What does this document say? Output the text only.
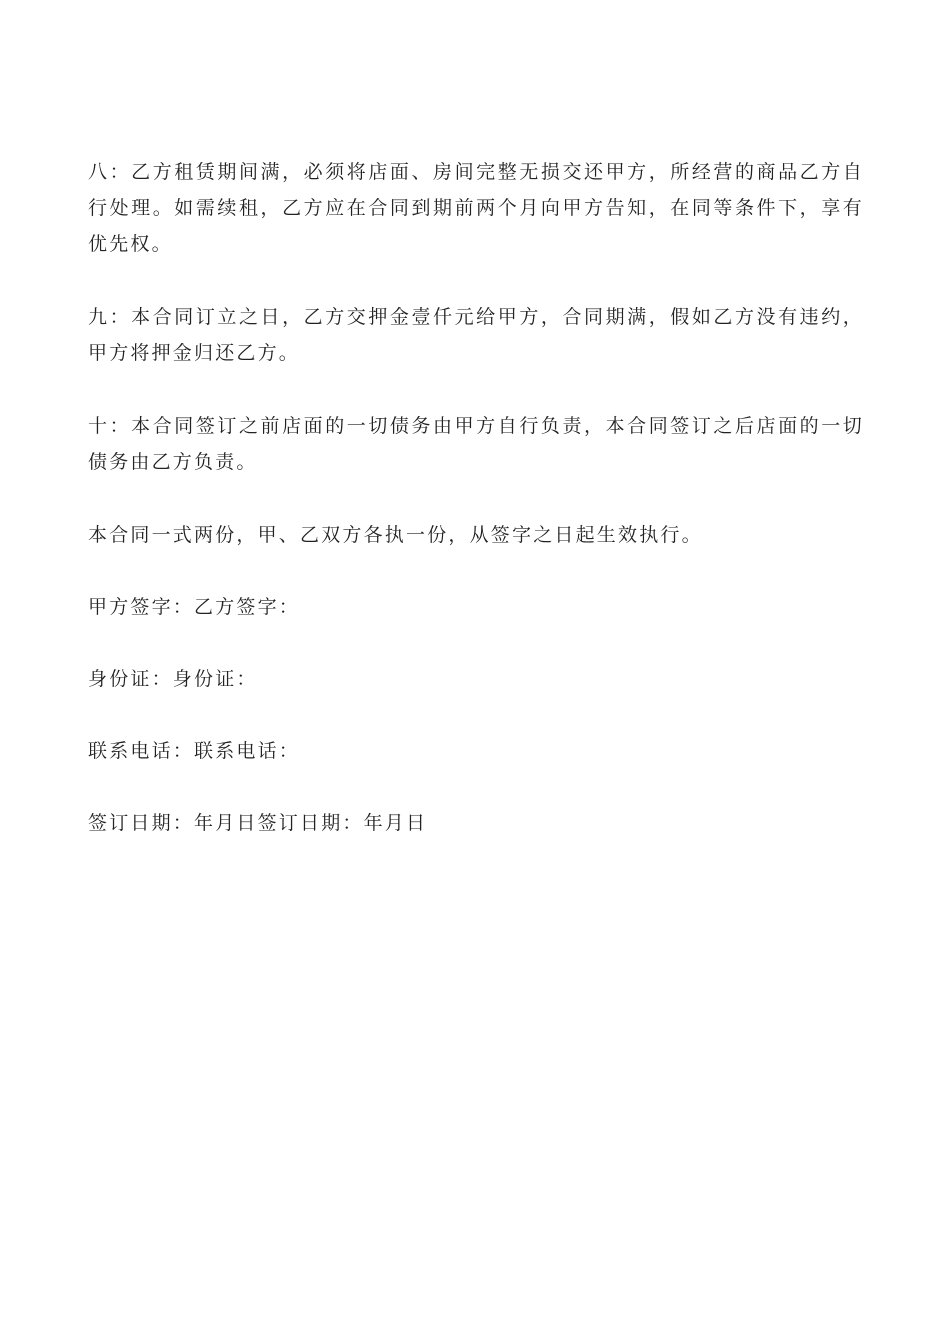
八：乙方租赁期间满，必须将店面、房间完整无损交还甲方，所经营的商品乙方自行处理。如需续租，乙方应在合同到期前两个月向甲方告知，在同等条件下，享有优先权。

九：本合同订立之日，乙方交押金壹仟元给甲方，合同期满，假如乙方没有违约，甲方将押金归还乙方。

十：本合同签订之前店面的一切债务由甲方自行负责，本合同签订之后店面的一切债务由乙方负责。

本合同一式两份，甲、乙双方各执一份，从签字之日起生效执行。

甲方签字：乙方签字：

身份证：身份证：

联系电话：联系电话：

签订日期：年月日签订日期：年月日
